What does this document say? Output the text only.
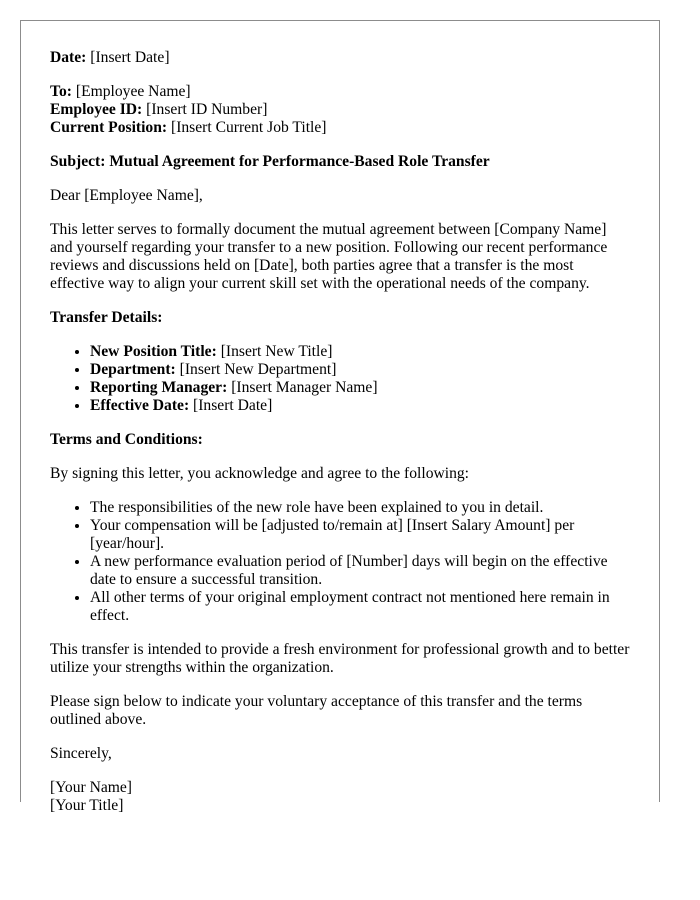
Date: [Insert Date]

To: [Employee Name]
Employee ID: [Insert ID Number]
Current Position: [Insert Current Job Title]

Subject: Mutual Agreement for Performance-Based Role Transfer

Dear [Employee Name],

This letter serves to formally document the mutual agreement between [Company Name] and yourself regarding your transfer to a new position. Following our recent performance reviews and discussions held on [Date], both parties agree that a transfer is the most effective way to align your current skill set with the operational needs of the company.

Transfer Details:

• New Position Title: [Insert New Title]
• Department: [Insert New Department]
• Reporting Manager: [Insert Manager Name]
• Effective Date: [Insert Date]

Terms and Conditions:

By signing this letter, you acknowledge and agree to the following:

• The responsibilities of the new role have been explained to you in detail.
• Your compensation will be [adjusted to/remain at] [Insert Salary Amount] per [year/hour].
• A new performance evaluation period of [Number] days will begin on the effective date to ensure a successful transition.
• All other terms of your original employment contract not mentioned here remain in effect.

This transfer is intended to provide a fresh environment for professional growth and to better utilize your strengths within the organization.

Please sign below to indicate your voluntary acceptance of this transfer and the terms outlined above.

Sincerely,

[Your Name]
[Your Title]
